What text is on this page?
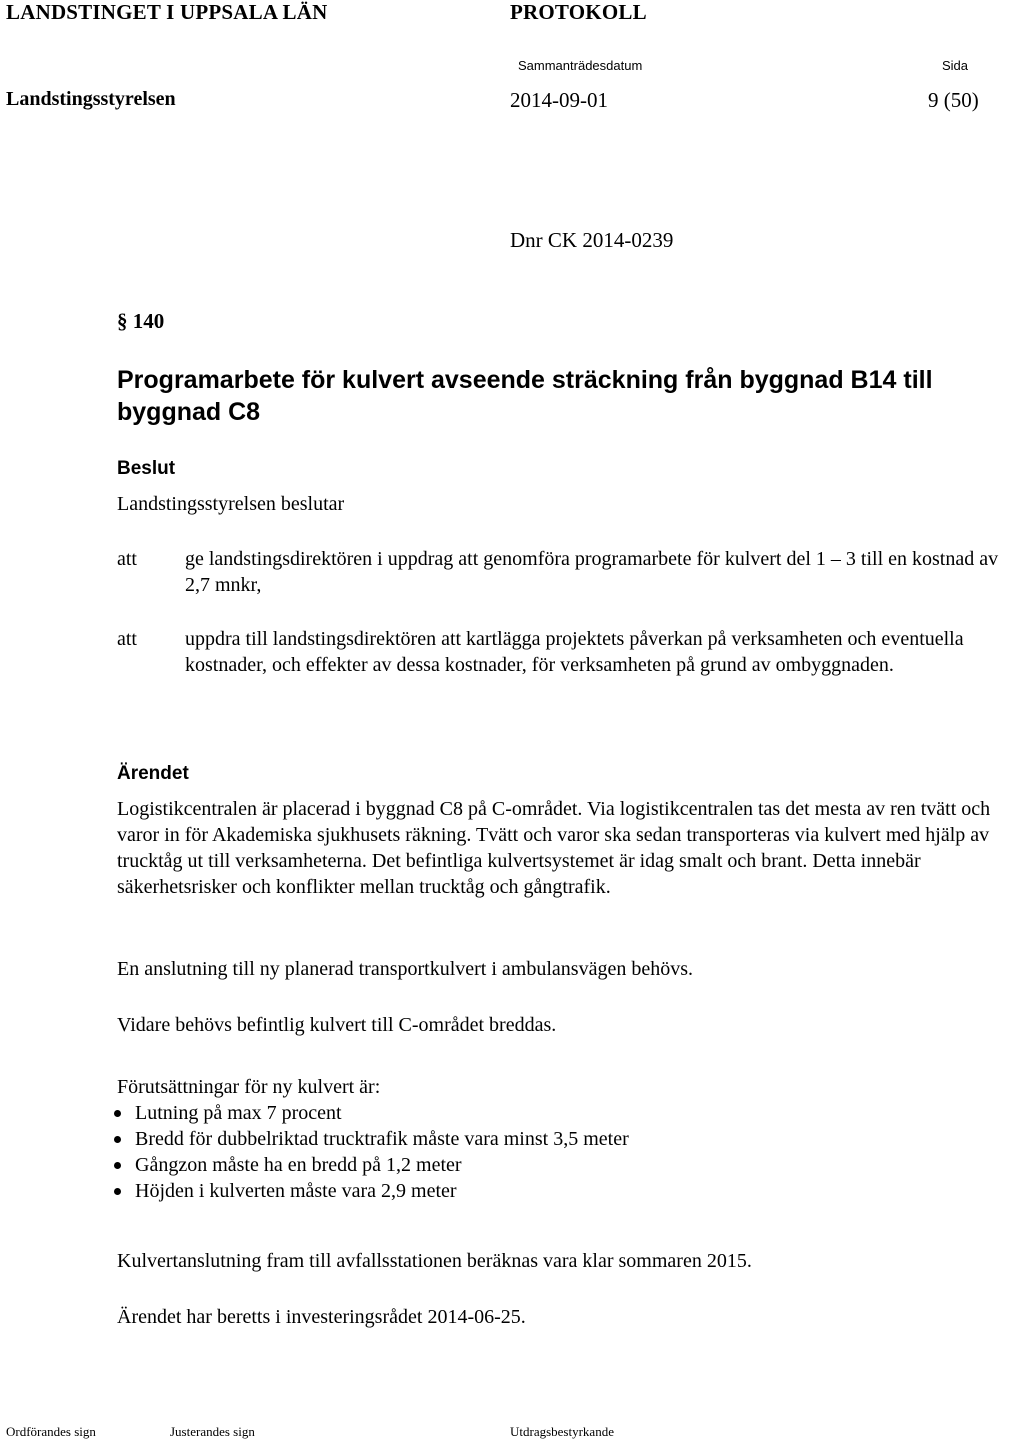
LANDSTINGET I UPPSALA LÄN	PROTOKOLL
Sammanträdesdatum	Sida
Landstingsstyrelsen	2014-09-01	9 (50)
Dnr CK 2014-0239
§ 140
Programarbete för kulvert avseende sträckning från byggnad B14 till byggnad C8
Beslut
Landstingsstyrelsen beslutar
att	ge landstingsdirektören i uppdrag att genomföra programarbete för kulvert del 1 – 3 till en kostnad av 2,7 mnkr,
att	uppdra till landstingsdirektören att kartlägga projektets påverkan på verksamheten och eventuella kostnader, och effekter av dessa kostnader, för verksamheten på grund av ombyggnaden.
Ärendet
Logistikcentralen är placerad i byggnad C8 på C-området. Via logistikcentralen tas det mesta av ren tvätt och varor in för Akademiska sjukhusets räkning. Tvätt och varor ska sedan transporteras via kulvert med hjälp av trucktåg ut till verksamheterna. Det befintliga kulvertsystemet är idag smalt och brant. Detta innebär säkerhetsrisker och konflikter mellan trucktåg och gångtrafik.
En anslutning till ny planerad transportkulvert i ambulansvägen behövs.
Vidare behövs befintlig kulvert till C-området breddas.
Förutsättningar för ny kulvert är:
Lutning på max 7 procent
Bredd för dubbelriktad trucktrafik måste vara minst 3,5 meter
Gångzon måste ha en bredd på 1,2 meter
Höjden i kulverten måste vara 2,9 meter
Kulvertanslutning fram till avfallsstationen beräknas vara klar sommaren 2015.
Ärendet har beretts i investeringsrådet 2014-06-25.
Ordförandes sign	Justerandes sign	Utdragsbestyrkande
